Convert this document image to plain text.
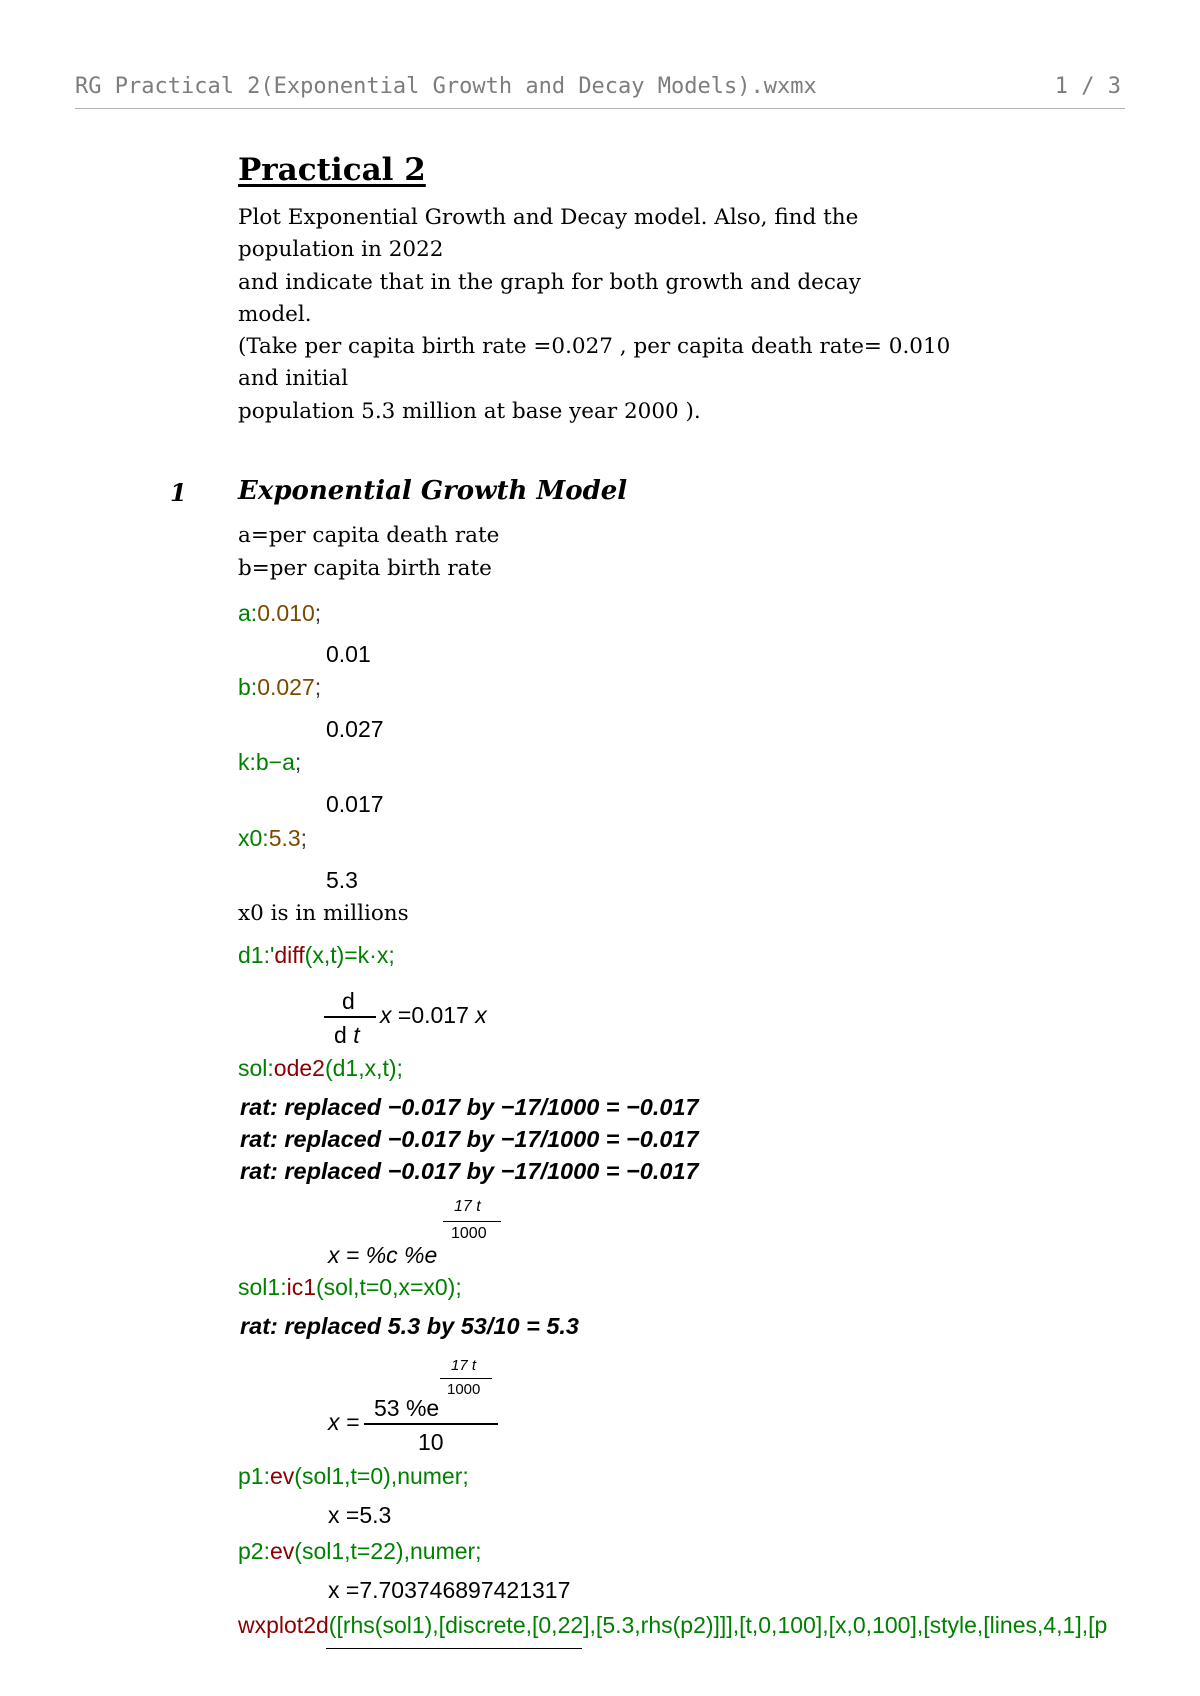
RG Practical 2(Exponential Growth and Decay Models).wxmx	1 / 3
Practical 2
Plot Exponential Growth and Decay model. Also, find the
population in 2022
and indicate that in the graph for both growth and decay
model.
(Take per capita birth rate =0.027 , per capita death rate= 0.010
and initial
population 5.3 million at base year 2000 ).
1 Exponential Growth Model
a=per capita death rate
b=per capita birth rate
a:0.010;
0.01
b:0.027;
0.027
k:b−a;
0.017
x0:5.3;
5.3
x0 is in millions
d1:'diff(x,t)=k·x;
d
d t
x =0.017 x
sol:ode2(d1,x,t);
rat: replaced −0.017 by −17/1000 = −0.017
rat: replaced −0.017 by −17/1000 = −0.017
rat: replaced −0.017 by −17/1000 = −0.017
17 t
1000
x = %c %e
sol1:ic1(sol,t=0,x=x0);
rat: replaced 5.3 by 53/10 = 5.3
17 t
1000
x =
53 %e
10
p1:ev(sol1,t=0),numer;
x =5.3
p2:ev(sol1,t=22),numer;
x =7.703746897421317
wxplot2d([rhs(sol1),[discrete,[0,22],[5.3,rhs(p2)]]],[t,0,100],[x,0,100],[style,[lines,4,1],[p
